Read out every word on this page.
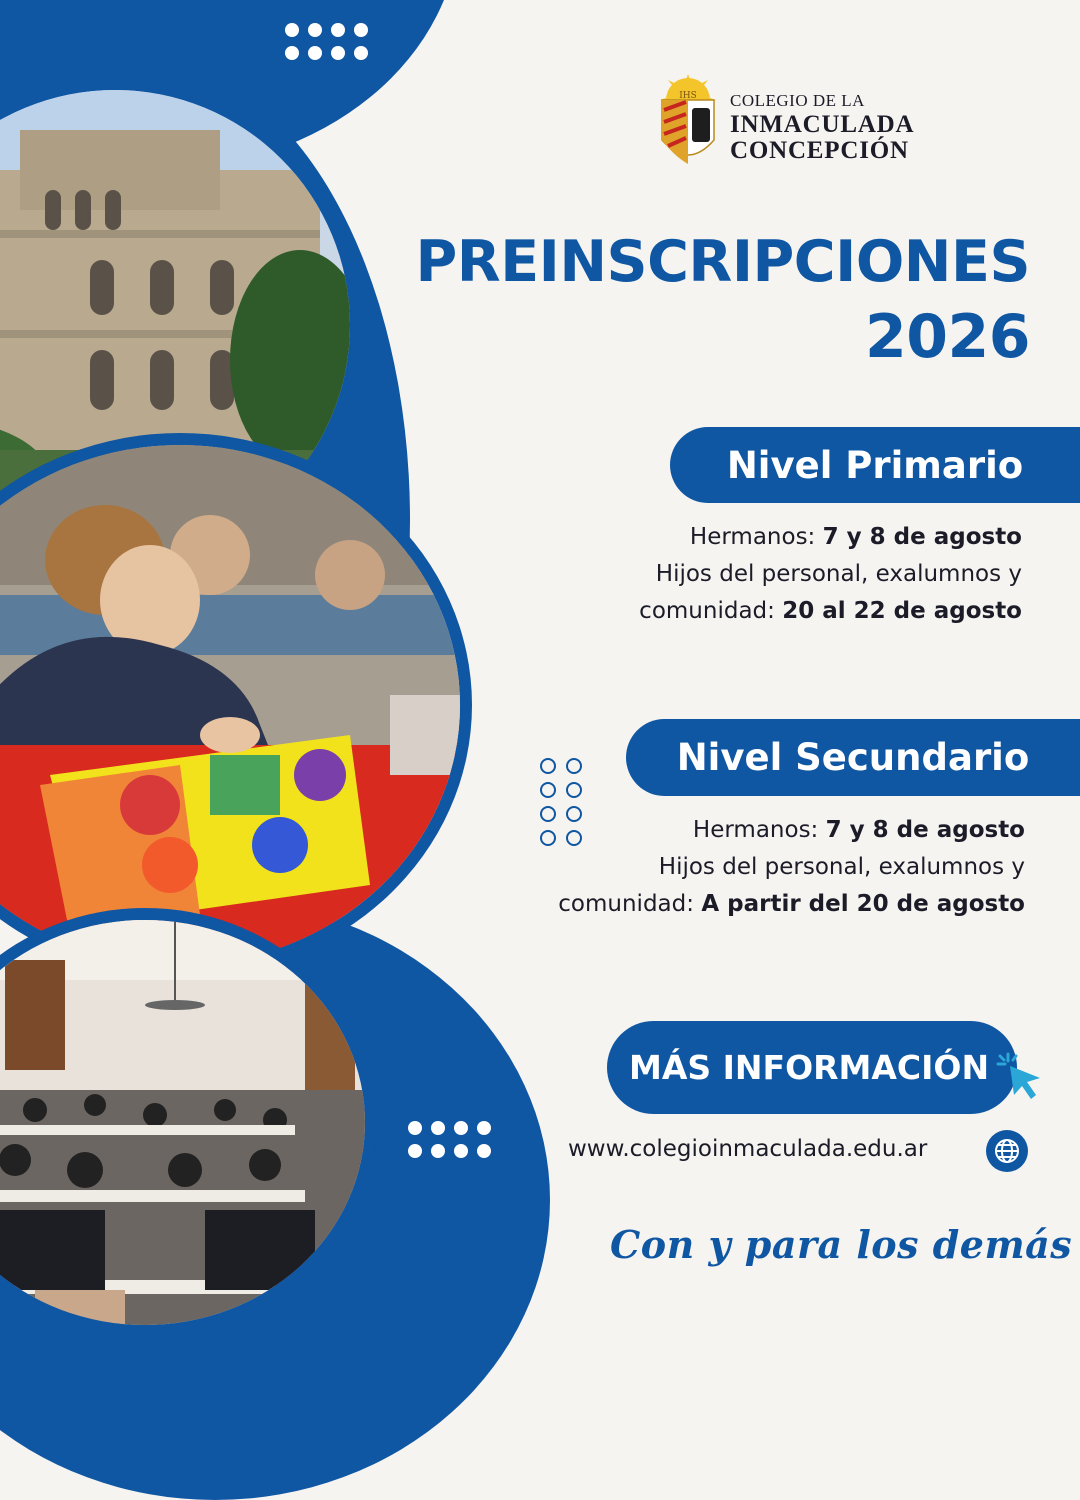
IHS COLEGIO DE LA
INMACULADA
CONCEPCIÓN
PREINSCRIPCIONES
2026
Nivel Primario
Hermanos: 7 y 8 de agosto
Hijos del personal, exalumnos y
comunidad: 20 al 22 de agosto
Nivel Secundario
Hermanos: 7 y 8 de agosto
Hijos del personal, exalumnos y
comunidad: A partir del 20 de agosto
MÁS INFORMACIÓN
www.colegioinmaculada.edu.ar
Con y para los demás
